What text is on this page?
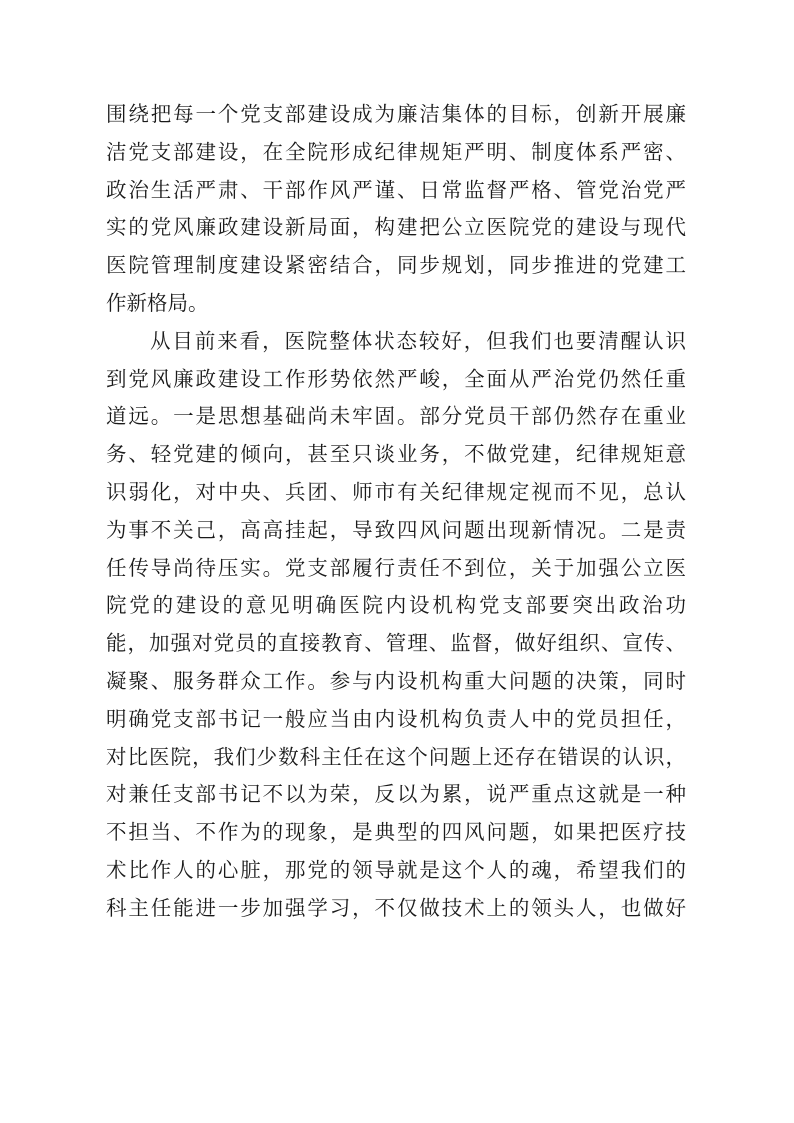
围绕把每一个党支部建设成为廉洁集体的目标，创新开展廉
洁党支部建设，在全院形成纪律规矩严明、制度体系严密、
政治生活严肃、干部作风严谨、日常监督严格、管党治党严
实的党风廉政建设新局面，构建把公立医院党的建设与现代
医院管理制度建设紧密结合，同步规划，同步推进的党建工
作新格局。
从目前来看，医院整体状态较好，但我们也要清醒认识
到党风廉政建设工作形势依然严峻，全面从严治党仍然任重
道远。一是思想基础尚未牢固。部分党员干部仍然存在重业
务、轻党建的倾向，甚至只谈业务，不做党建，纪律规矩意
识弱化，对中央、兵团、师市有关纪律规定视而不见，总认
为事不关己，高高挂起，导致四风问题出现新情况。二是责
任传导尚待压实。党支部履行责任不到位，关于加强公立医
院党的建设的意见明确医院内设机构党支部要突出政治功
能，加强对党员的直接教育、管理、监督，做好组织、宣传、
凝聚、服务群众工作。参与内设机构重大问题的决策，同时
明确党支部书记一般应当由内设机构负责人中的党员担任，
对比医院，我们少数科主任在这个问题上还存在错误的认识，
对兼任支部书记不以为荣，反以为累，说严重点这就是一种
不担当、不作为的现象，是典型的四风问题，如果把医疗技
术比作人的心脏，那党的领导就是这个人的魂，希望我们的
科主任能进一步加强学习，不仅做技术上的领头人，也做好
